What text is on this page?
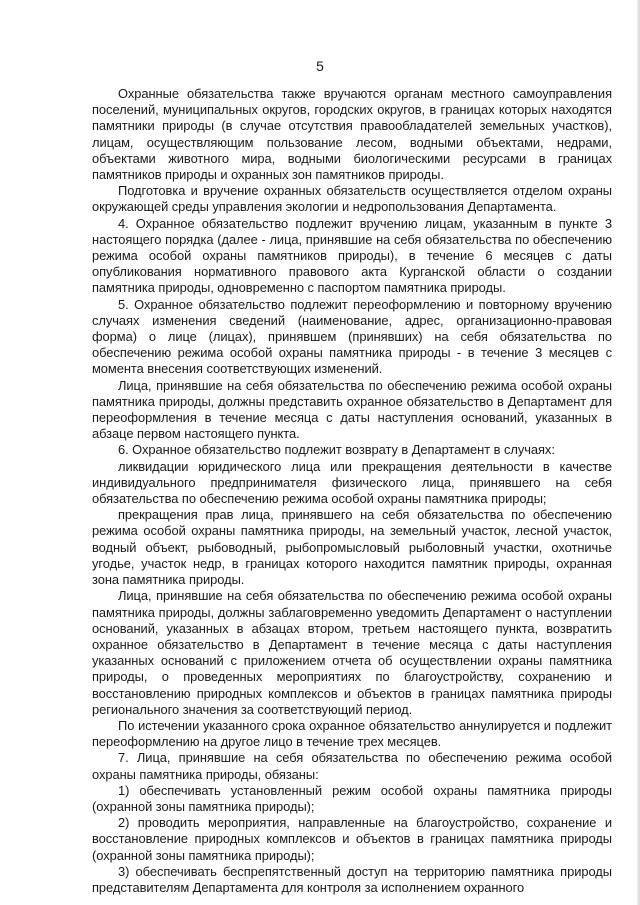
5

Охранные обязательства также вручаются органам местного самоуправления поселений, муниципальных округов, городских округов, в границах которых находятся памятники природы (в случае отсутствия правообладателей земельных участков), лицам, осуществляющим пользование лесом, водными объектами, недрами, объектами животного мира, водными биологическими ресурсами в границах памятников природы и охранных зон памятников природы.

Подготовка и вручение охранных обязательств осуществляется отделом охраны окружающей среды управления экологии и недропользования Департамента.

4. Охранное обязательство подлежит вручению лицам, указанным в пункте 3 настоящего порядка (далее - лица, принявшие на себя обязательства по обеспечению режима особой охраны памятников природы), в течение 6 месяцев с даты опубликования нормативного правового акта Курганской области о создании памятника природы, одновременно с паспортом памятника природы.

5. Охранное обязательство подлежит переоформлению и повторному вручению случаях изменения сведений (наименование, адрес, организационно-правовая форма) о лице (лицах), принявшем (принявших) на себя обязательства по обеспечению режима особой охраны памятника природы - в течение 3 месяцев с момента внесения соответствующих изменений.

Лица, принявшие на себя обязательства по обеспечению режима особой охраны памятника природы, должны представить охранное обязательство в Департамент для переоформления в течение месяца с даты наступления оснований, указанных в абзаце первом настоящего пункта.

6. Охранное обязательство подлежит возврату в Департамент в случаях:

ликвидации юридического лица или прекращения деятельности в качестве индивидуального предпринимателя физического лица, принявшего на себя обязательства по обеспечению режима особой охраны памятника природы;

прекращения прав лица, принявшего на себя обязательства по обеспечению режима особой охраны памятника природы, на земельный участок, лесной участок, водный объект, рыбоводный, рыбопромысловый рыболовный участки, охотничье угодье, участок недр, в границах которого находится памятник природы, охранная зона памятника природы.

Лица, принявшие на себя обязательства по обеспечению режима особой охраны памятника природы, должны заблаговременно уведомить Департамент о наступлении оснований, указанных в абзацах втором, третьем настоящего пункта, возвратить охранное обязательство в Департамент в течение месяца с даты наступления указанных оснований с приложением отчета об осуществлении охраны памятника природы, о проведенных мероприятиях по благоустройству, сохранению и восстановлению природных комплексов и объектов в границах памятника природы регионального значения за соответствующий период.

По истечении указанного срока охранное обязательство аннулируется и подлежит переоформлению на другое лицо в течение трех месяцев.

7. Лица, принявшие на себя обязательства по обеспечению режима особой охраны памятника природы, обязаны:

1) обеспечивать установленный режим особой охраны памятника природы (охранной зоны памятника природы);

2) проводить мероприятия, направленные на благоустройство, сохранение и восстановление природных комплексов и объектов в границах памятника природы (охранной зоны памятника природы);

3) обеспечивать беспрепятственный доступ на территорию памятника природы представителям Департамента для контроля за исполнением охранного
